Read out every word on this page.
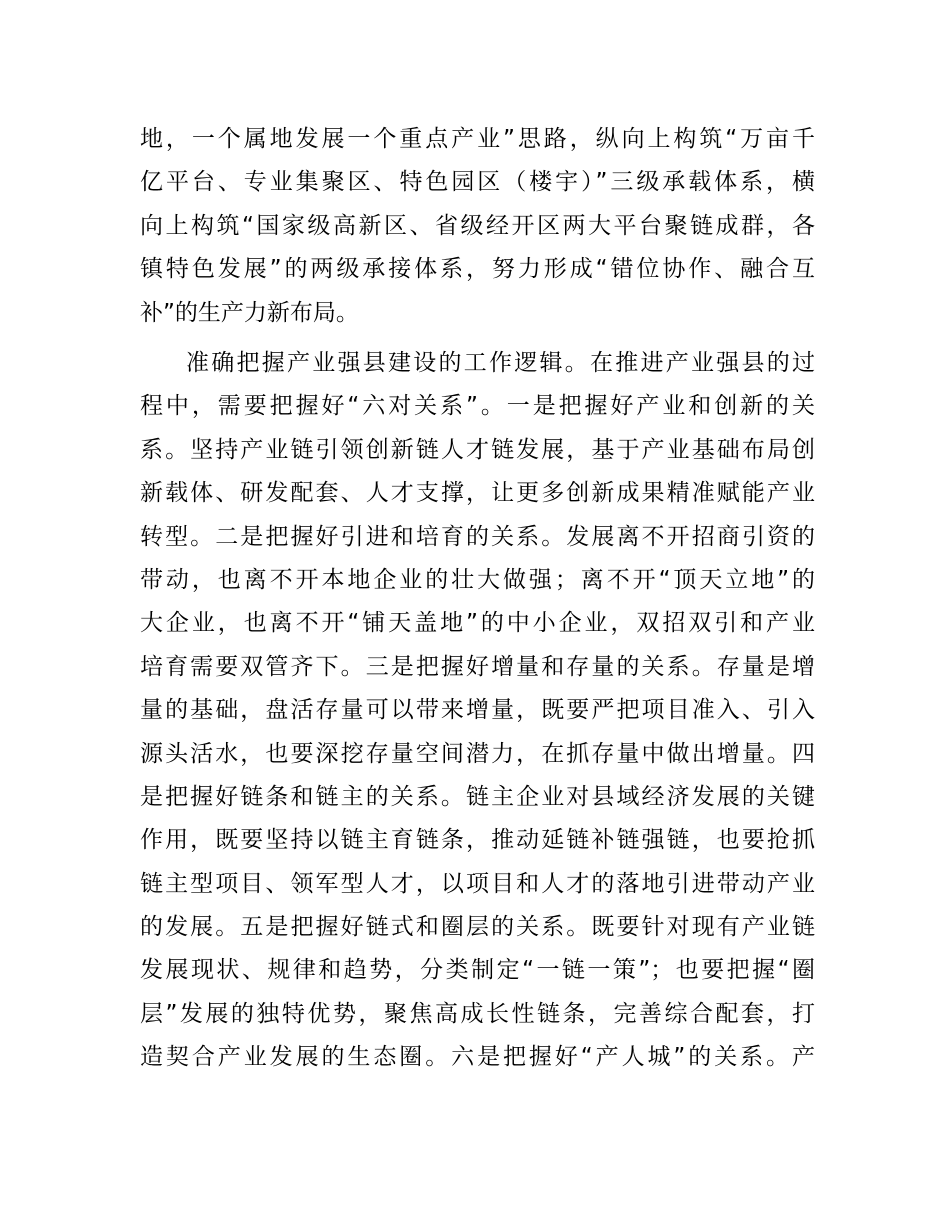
地，一个属地发展一个重点产业”思路，纵向上构筑“万亩千
亿平台、专业集聚区、特色园区（楼宇）”三级承载体系，横
向上构筑“国家级高新区、省级经开区两大平台聚链成群，各
镇特色发展”的两级承接体系，努力形成“错位协作、融合互
补”的生产力新布局。
准确把握产业强县建设的工作逻辑。在推进产业强县的过
程中，需要把握好“六对关系”。一是把握好产业和创新的关
系。坚持产业链引领创新链人才链发展，基于产业基础布局创
新载体、研发配套、人才支撑，让更多创新成果精准赋能产业
转型。二是把握好引进和培育的关系。发展离不开招商引资的
带动，也离不开本地企业的壮大做强；离不开“顶天立地”的
大企业，也离不开“铺天盖地”的中小企业，双招双引和产业
培育需要双管齐下。三是把握好增量和存量的关系。存量是增
量的基础，盘活存量可以带来增量，既要严把项目准入、引入
源头活水，也要深挖存量空间潜力，在抓存量中做出增量。四
是把握好链条和链主的关系。链主企业对县域经济发展的关键
作用，既要坚持以链主育链条，推动延链补链强链，也要抢抓
链主型项目、领军型人才，以项目和人才的落地引进带动产业
的发展。五是把握好链式和圈层的关系。既要针对现有产业链
发展现状、规律和趋势，分类制定“一链一策”；也要把握“圈
层”发展的独特优势，聚焦高成长性链条，完善综合配套，打
造契合产业发展的生态圈。六是把握好“产人城”的关系。产
